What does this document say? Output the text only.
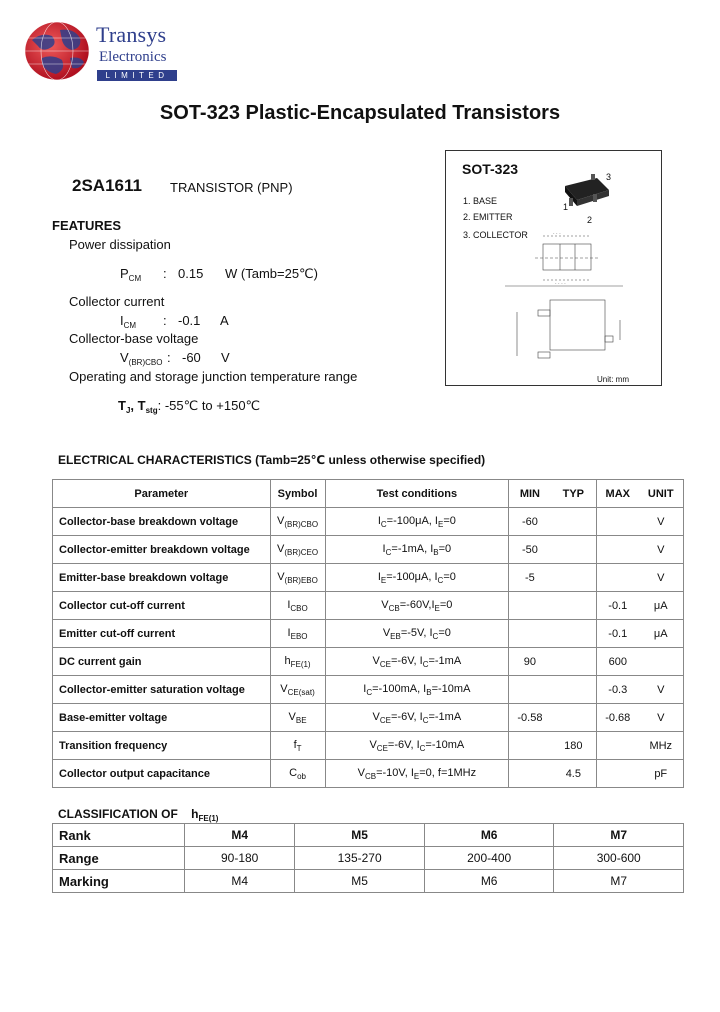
Transys
Electronics
LIMITED
SOT-323 Plastic-Encapsulated Transistors
2SA1611 TRANSISTOR (PNP)
FEATURES
Power dissipation
$P_{CM}$ : 0.15 W (Tamb=25℃)
Collector current
$I_{CM}$ : -0.1 A
Collector-base voltage
$V_{(BR)CBO}$ : -60 V
Operating and storage junction temperature range
$T_J$, $T_{stg}$: -55℃ to +150℃
SOT-323
1. BASE
2. EMITTER
3. COLLECTOR
3
1
2
· · ·
· · · ·
Unit: mm
ELECTRICAL CHARACTERISTICS (Tamb=25℃ unless otherwise specified)
Parameter	Symbol	Test conditions	MIN	TYP	MAX	UNIT
Collector-base breakdown voltage	$V_{(BR)CBO}$	$I_C=-100\mu A$, $I_E=0$	-60			V
Collector-emitter breakdown voltage	$V_{(BR)CEO}$	$I_C=-1mA$, $I_B=0$	-50			V
Emitter-base breakdown voltage	$V_{(BR)EBO}$	$I_E=-100\mu A$, $I_C=0$	-5			V
Collector cut-off current	$I_{CBO}$	$V_{CB}=-60V,I_E=0$			-0.1	μA
Emitter cut-off current	$I_{EBO}$	$V_{EB}=-5V$, $I_C=0$			-0.1	μA
DC current gain	$h_{FE(1)}$	$V_{CE}=-6V$, $I_C=-1mA$	90		600	
Collector-emitter saturation voltage	$V_{CE(sat)}$	$I_C=-100mA$, $I_B=-10mA$			-0.3	V
Base-emitter voltage	$V_{BE}$	$V_{CE}=-6V$, $I_C=-1mA$	-0.58		-0.68	V
Transition frequency	$f_T$	$V_{CE}=-6V$, $I_C=-10mA$		180		MHz
Collector output capacitance	$C_{ob}$	$V_{CB}=-10V$, $I_E=0$, f=1MHz		4.5		pF
CLASSIFICATION OF $h_{FE(1)}$
Rank	M4	M5	M6	M7
Range	90-180	135-270	200-400	300-600
Marking	M4	M5	M6	M7
